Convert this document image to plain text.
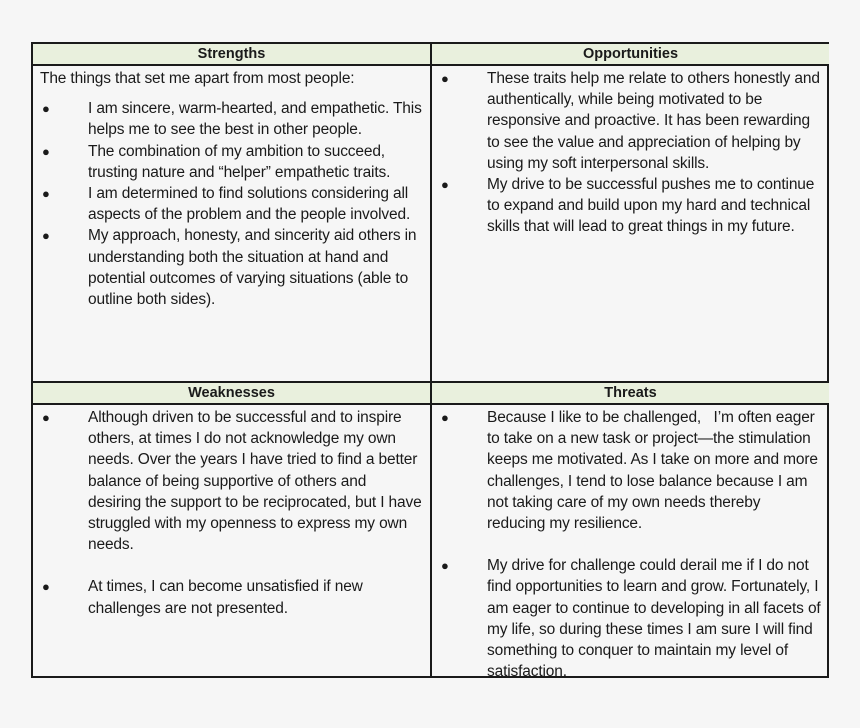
Strengths
The things that set me apart from most people:
● I am sincere, warm-hearted, and empathetic. This helps me to see the best in other people.
● The combination of my ambition to succeed, trusting nature and “helper” empathetic traits.
● I am determined to find solutions considering all aspects of the problem and the people involved.
● My approach, honesty, and sincerity aid others in understanding both the situation at hand and potential outcomes of varying situations (able to outline both sides).
Opportunities
● These traits help me relate to others honestly and authentically, while being motivated to be responsive and proactive. It has been rewarding to see the value and appreciation of helping by using my soft interpersonal skills.
● My drive to be successful pushes me to continue to expand and build upon my hard and technical skills that will lead to great things in my future.
Weaknesses
● Although driven to be successful and to inspire others, at times I do not acknowledge my own needs. Over the years I have tried to find a better balance of being supportive of others and desiring the support to be reciprocated, but I have struggled with my openness to express my own needs.
● At times, I can become unsatisfied if new challenges are not presented.
Threats
● Because I like to be challenged,   I’m often eager to take on a new task or project—the stimulation keeps me motivated. As I take on more and more challenges, I tend to lose balance because I am not taking care of my own needs thereby reducing my resilience.
● My drive for challenge could derail me if I do not find opportunities to learn and grow. Fortunately, I am eager to continue to developing in all facets of my life, so during these times I am sure I will find something to conquer to maintain my level of satisfaction.
